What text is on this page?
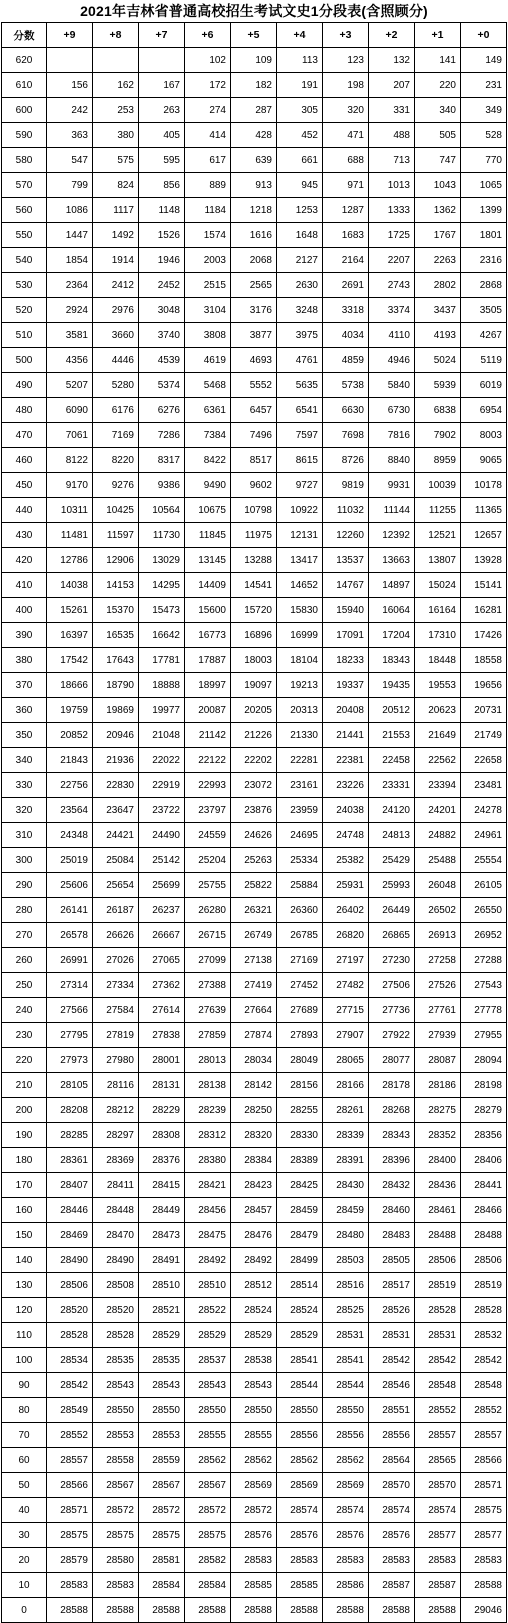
2021年吉林省普通高校招生考试文史1分段表(含照顾分)
分数	+9	+8	+7	+6	+5	+4	+3	+2	+1	+0
620				102	109	113	123	132	141	149
610	156	162	167	172	182	191	198	207	220	231
600	242	253	263	274	287	305	320	331	340	349
590	363	380	405	414	428	452	471	488	505	528
580	547	575	595	617	639	661	688	713	747	770
570	799	824	856	889	913	945	971	1013	1043	1065
560	1086	1117	1148	1184	1218	1253	1287	1333	1362	1399
550	1447	1492	1526	1574	1616	1648	1683	1725	1767	1801
540	1854	1914	1946	2003	2068	2127	2164	2207	2263	2316
530	2364	2412	2452	2515	2565	2630	2691	2743	2802	2868
520	2924	2976	3048	3104	3176	3248	3318	3374	3437	3505
510	3581	3660	3740	3808	3877	3975	4034	4110	4193	4267
500	4356	4446	4539	4619	4693	4761	4859	4946	5024	5119
490	5207	5280	5374	5468	5552	5635	5738	5840	5939	6019
480	6090	6176	6276	6361	6457	6541	6630	6730	6838	6954
470	7061	7169	7286	7384	7496	7597	7698	7816	7902	8003
460	8122	8220	8317	8422	8517	8615	8726	8840	8959	9065
450	9170	9276	9386	9490	9602	9727	9819	9931	10039	10178
440	10311	10425	10564	10675	10798	10922	11032	11144	11255	11365
430	11481	11597	11730	11845	11975	12131	12260	12392	12521	12657
420	12786	12906	13029	13145	13288	13417	13537	13663	13807	13928
410	14038	14153	14295	14409	14541	14652	14767	14897	15024	15141
400	15261	15370	15473	15600	15720	15830	15940	16064	16164	16281
390	16397	16535	16642	16773	16896	16999	17091	17204	17310	17426
380	17542	17643	17781	17887	18003	18104	18233	18343	18448	18558
370	18666	18790	18888	18997	19097	19213	19337	19435	19553	19656
360	19759	19869	19977	20087	20205	20313	20408	20512	20623	20731
350	20852	20946	21048	21142	21226	21330	21441	21553	21649	21749
340	21843	21936	22022	22122	22202	22281	22381	22458	22562	22658
330	22756	22830	22919	22993	23072	23161	23226	23331	23394	23481
320	23564	23647	23722	23797	23876	23959	24038	24120	24201	24278
310	24348	24421	24490	24559	24626	24695	24748	24813	24882	24961
300	25019	25084	25142	25204	25263	25334	25382	25429	25488	25554
290	25606	25654	25699	25755	25822	25884	25931	25993	26048	26105
280	26141	26187	26237	26280	26321	26360	26402	26449	26502	26550
270	26578	26626	26667	26715	26749	26785	26820	26865	26913	26952
260	26991	27026	27065	27099	27138	27169	27197	27230	27258	27288
250	27314	27334	27362	27388	27419	27452	27482	27506	27526	27543
240	27566	27584	27614	27639	27664	27689	27715	27736	27761	27778
230	27795	27819	27838	27859	27874	27893	27907	27922	27939	27955
220	27973	27980	28001	28013	28034	28049	28065	28077	28087	28094
210	28105	28116	28131	28138	28142	28156	28166	28178	28186	28198
200	28208	28212	28229	28239	28250	28255	28261	28268	28275	28279
190	28285	28297	28308	28312	28320	28330	28339	28343	28352	28356
180	28361	28369	28376	28380	28384	28389	28391	28396	28400	28406
170	28407	28411	28415	28421	28423	28425	28430	28432	28436	28441
160	28446	28448	28449	28456	28457	28459	28459	28460	28461	28466
150	28469	28470	28473	28475	28476	28479	28480	28483	28488	28488
140	28490	28490	28491	28492	28492	28499	28503	28505	28506	28506
130	28506	28508	28510	28510	28512	28514	28516	28517	28519	28519
120	28520	28520	28521	28522	28524	28524	28525	28526	28528	28528
110	28528	28528	28529	28529	28529	28529	28531	28531	28531	28532
100	28534	28535	28535	28537	28538	28541	28541	28542	28542	28542
90	28542	28543	28543	28543	28543	28544	28544	28546	28548	28548
80	28549	28550	28550	28550	28550	28550	28550	28551	28552	28552
70	28552	28553	28553	28555	28555	28556	28556	28556	28557	28557
60	28557	28558	28559	28562	28562	28562	28562	28564	28565	28566
50	28566	28567	28567	28567	28569	28569	28569	28570	28570	28571
40	28571	28572	28572	28572	28572	28574	28574	28574	28574	28575
30	28575	28575	28575	28575	28576	28576	28576	28576	28577	28577
20	28579	28580	28581	28582	28583	28583	28583	28583	28583	28583
10	28583	28583	28584	28584	28585	28585	28586	28587	28587	28588
0	28588	28588	28588	28588	28588	28588	28588	28588	28588	29046
